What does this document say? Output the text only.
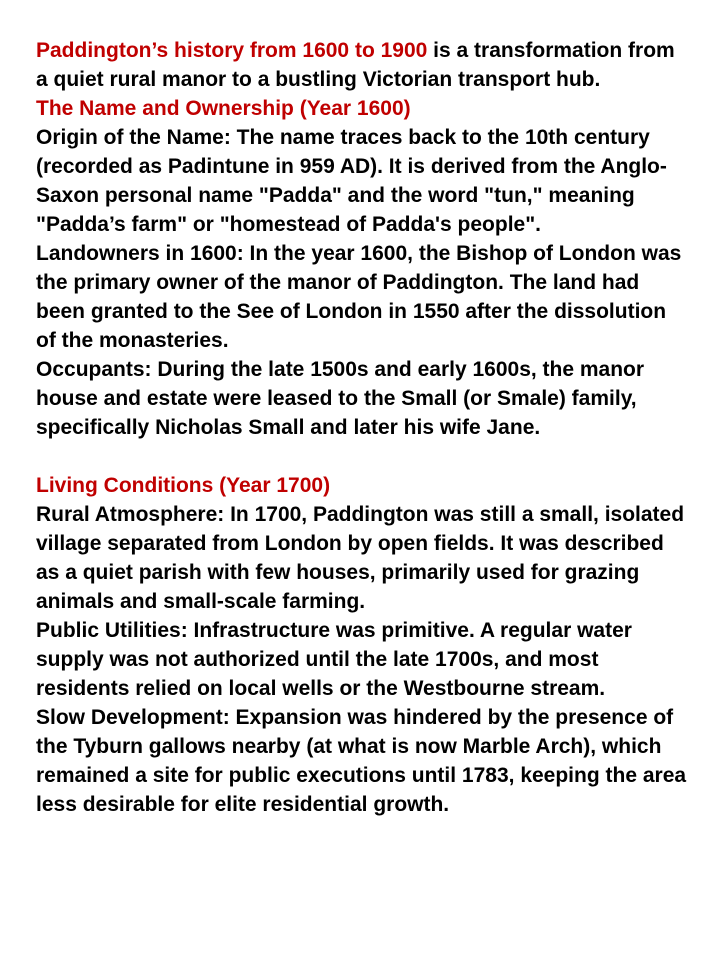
Paddington’s history from 1600 to 1900 is a transformation from a quiet rural manor to a bustling Victorian transport hub.

The Name and Ownership (Year 1600)

Origin of the Name: The name traces back to the 10th century (recorded as Padintune in 959 AD). It is derived from the Anglo-Saxon personal name "Padda" and the word "tun," meaning "Padda’s farm" or "homestead of Padda's people".

Landowners in 1600: In the year 1600, the Bishop of London was the primary owner of the manor of Paddington. The land had been granted to the See of London in 1550 after the dissolution of the monasteries.

Occupants: During the late 1500s and early 1600s, the manor house and estate were leased to the Small (or Smale) family, specifically Nicholas Small and later his wife Jane.

Living Conditions (Year 1700)

Rural Atmosphere: In 1700, Paddington was still a small, isolated village separated from London by open fields. It was described as a quiet parish with few houses, primarily used for grazing animals and small-scale farming.

Public Utilities: Infrastructure was primitive. A regular water supply was not authorized until the late 1700s, and most residents relied on local wells or the Westbourne stream.

Slow Development: Expansion was hindered by the presence of the Tyburn gallows nearby (at what is now Marble Arch), which remained a site for public executions until 1783, keeping the area less desirable for elite residential growth.
